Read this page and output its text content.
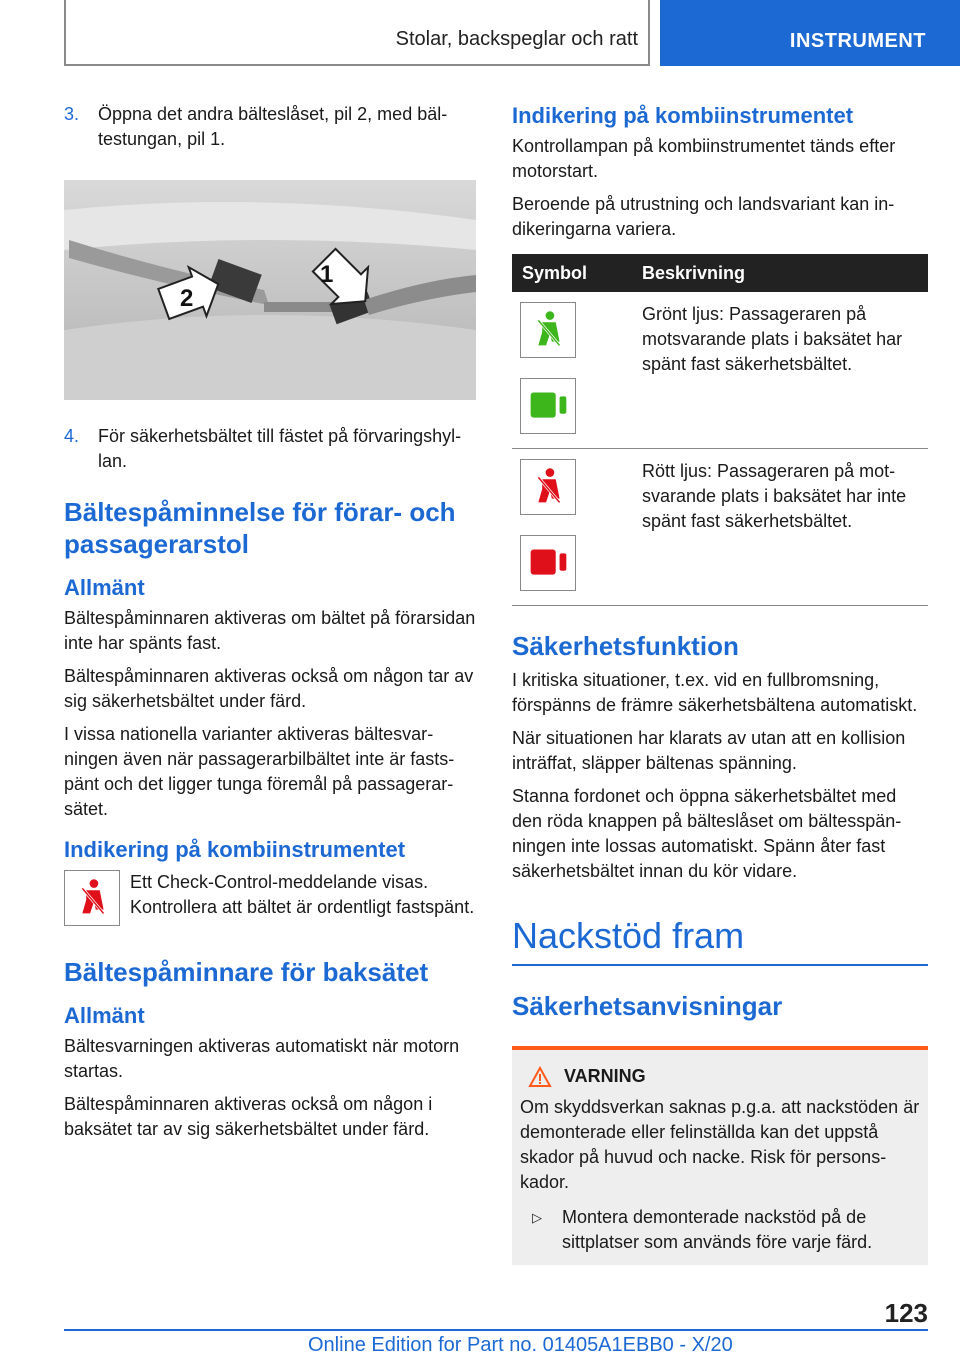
Stolar, backspeglar och ratt	INSTRUMENT
3.	Öppna det andra bälteslåset, pil 2, med bältestungan, pil 1.
1
2
4.	För säkerhetsbältet till fästet på förvaringshyllan.
Bältespåminnelse för förar- och passagerarstol
Allmänt
Bältespåminnaren aktiveras om bältet på förarsidan inte har spänts fast.
Bältespåminnaren aktiveras också om någon tar av sig säkerhetsbältet under färd.
I vissa nationella varianter aktiveras bältesvarningen även när passagerarbilbältet inte är fastspänt och det ligger tunga föremål på passagerarsätet.
Indikering på kombiinstrumentet
Ett Check-Control-meddelande visas. Kontrollera att bältet är ordentligt fastspänt.
Bältespåminnare för baksätet
Allmänt
Bältesvarningen aktiveras automatiskt när motorn startas.
Bältespåminnaren aktiveras också om någon i baksätet tar av sig säkerhetsbältet under färd.
Indikering på kombiinstrumentet
Kontrollampan på kombiinstrumentet tänds efter motorstart.
Beroende på utrustning och landsvariant kan indikeringarna variera.
Symbol	Beskrivning

	Grönt ljus: Passageraren på motsvarande plats i baksätet har spänt fast säkerhetsbältet.

	Rött ljus: Passageraren på motsvarande plats i baksätet har inte spänt fast säkerhetsbältet.
Säkerhetsfunktion
I kritiska situationer, t.ex. vid en fullbromsning, förspänns de främre säkerhetsbältena automatiskt.
När situationen har klarats av utan att en kollision inträffat, släpper bältenas spänning.
Stanna fordonet och öppna säkerhetsbältet med den röda knappen på bälteslåset om bältesspänningen inte lossas automatiskt. Spänn åter fast säkerhetsbältet innan du kör vidare.
Nackstöd fram
Säkerhetsanvisningar
VARNING
Om skyddsverkan saknas p.g.a. att nackstöden är demonterade eller felinställda kan det uppstå skador på huvud och nacke. Risk för personskador.
▷	Montera demonterade nackstöd på de sittplatser som används före varje färd.
123
Online Edition for Part no. 01405A1EBB0 - X/20
